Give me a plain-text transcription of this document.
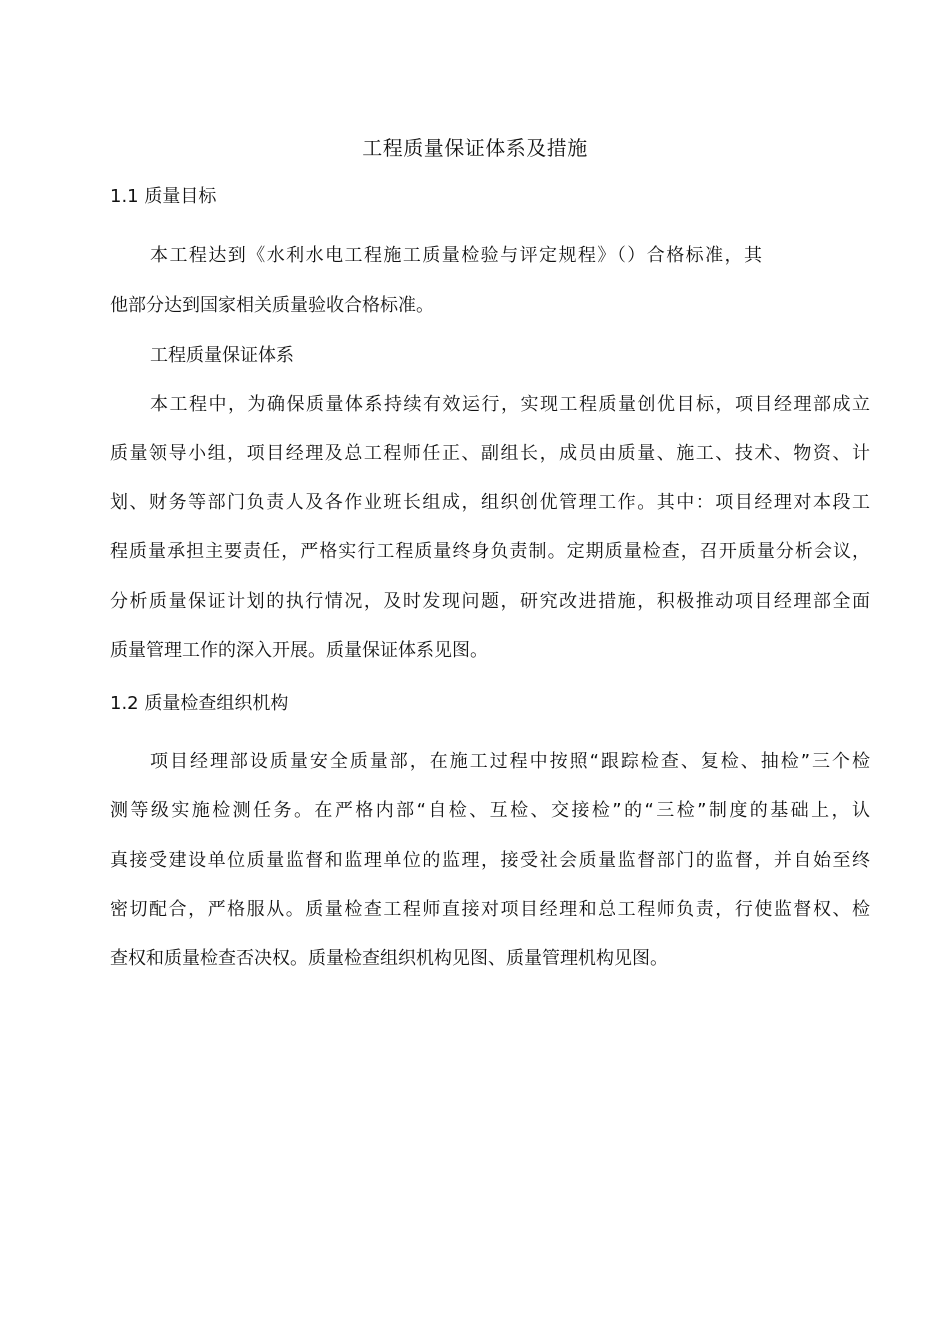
工程质量保证体系及措施
1.1 质量目标
本工程达到《水利水电工程施工质量检验与评定规程》（）合格标准，其
他部分达到国家相关质量验收合格标准。
工程质量保证体系
本工程中，为确保质量体系持续有效运行，实现工程质量创优目标，项目经理部成立
质量领导小组，项目经理及总工程师任正、副组长，成员由质量、施工、技术、物资、计
划、财务等部门负责人及各作业班长组成，组织创优管理工作。其中：项目经理对本段工
程质量承担主要责任，严格实行工程质量终身负责制。定期质量检查，召开质量分析会议，
分析质量保证计划的执行情况，及时发现问题，研究改进措施，积极推动项目经理部全面
质量管理工作的深入开展。质量保证体系见图。
1.2 质量检查组织机构
项目经理部设质量安全质量部，在施工过程中按照“跟踪检查、复检、抽检”三个检
测等级实施检测任务。在严格内部“自检、互检、交接检”的“三检”制度的基础上，认
真接受建设单位质量监督和监理单位的监理，接受社会质量监督部门的监督，并自始至终
密切配合，严格服从。质量检查工程师直接对项目经理和总工程师负责，行使监督权、检
查权和质量检查否决权。质量检查组织机构见图、质量管理机构见图。
